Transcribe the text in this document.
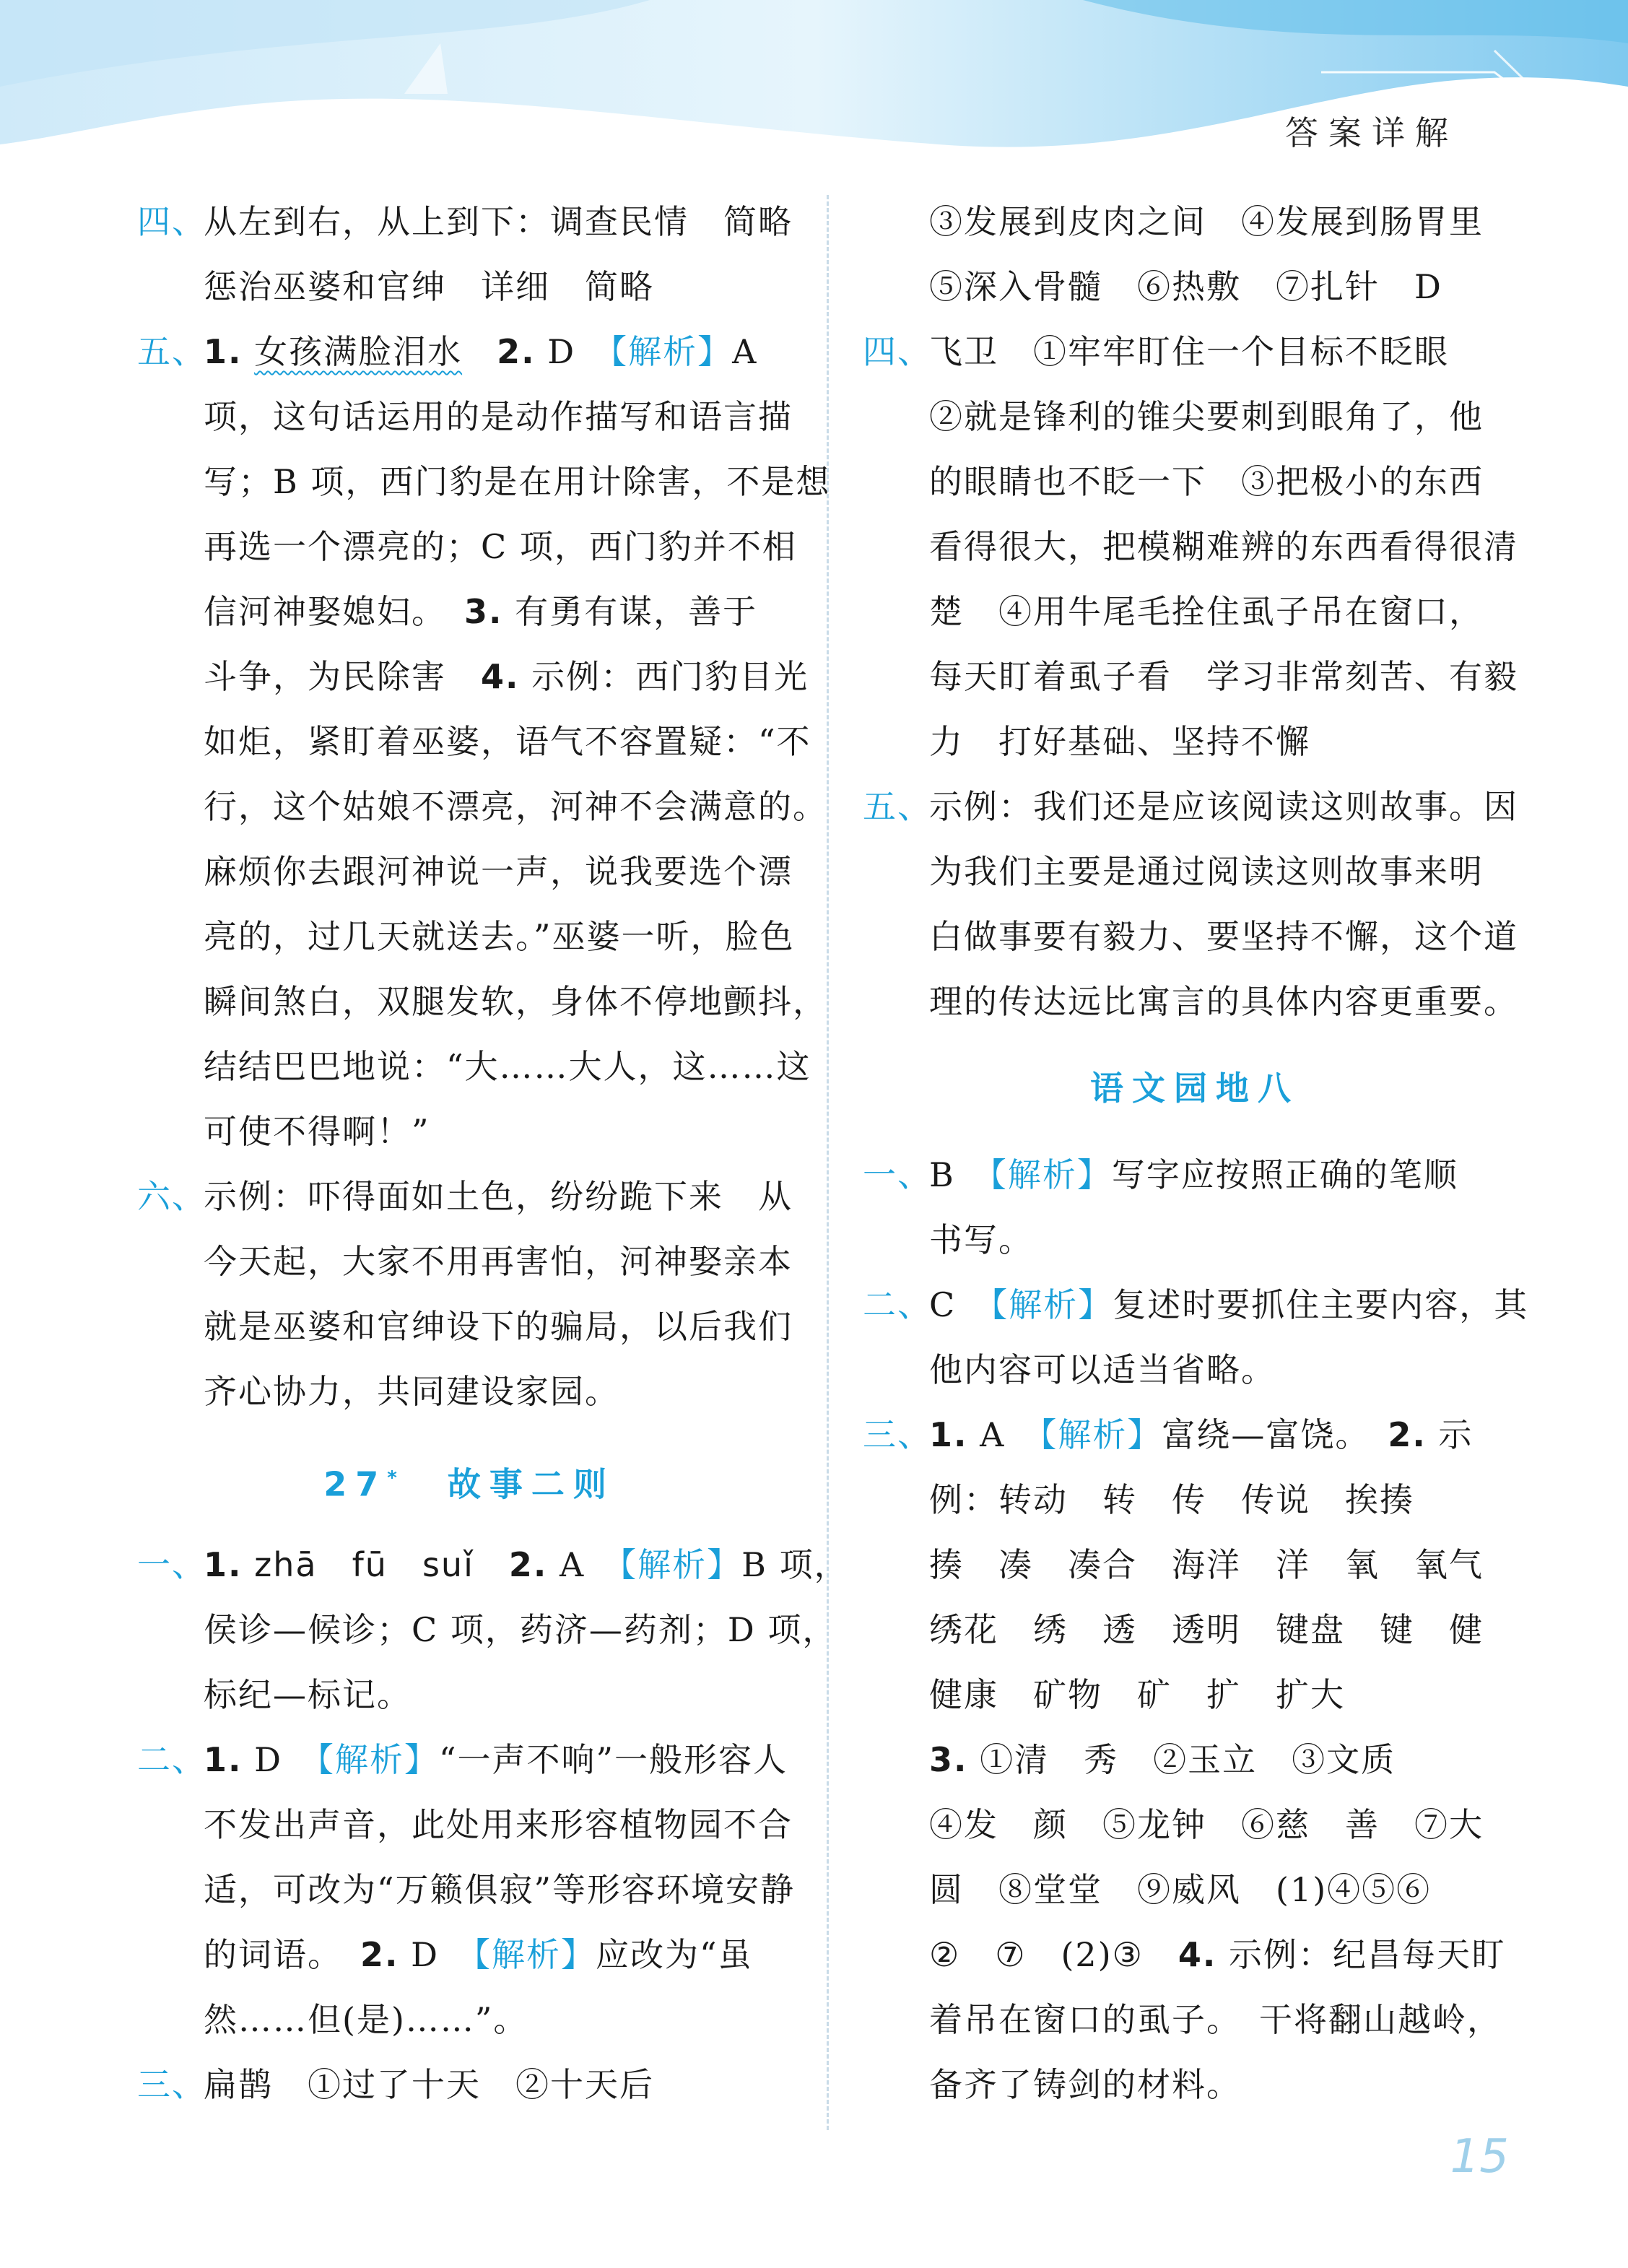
答案详解
四、从左到右，从上到下：调查民情　简略
惩治巫婆和官绅　详细　简略
五、1. 女孩满脸泪水　 2. D　【解析】A
项，这句话运用的是动作描写和语言描
写；B 项，西门豹是在用计除害，不是想
再选一个漂亮的；C 项，西门豹并不相
信河神娶媳妇。　3. 有勇有谋，善于
斗争，为民除害　4. 示例：西门豹目光
如炬，紧盯着巫婆，语气不容置疑：“不
行，这个姑娘不漂亮，河神不会满意的。
麻烦你去跟河神说一声，说我要选个漂
亮的，过几天就送去。”巫婆一听，脸色
瞬间煞白，双腿发软，身体不停地颤抖，
结结巴巴地说：“大……大人，这……这
可使不得啊！”
六、示例：吓得面如土色，纷纷跪下来　从
今天起，大家不用再害怕，河神娶亲本
就是巫婆和官绅设下的骗局，以后我们
齐心协力，共同建设家园。
27*　 故事二则
一、1. zhā　fū　suǐ　2. A　【解析】B 项，
侯诊—候诊；C 项，药济—药剂；D 项，
标纪—标记。
二、1. D　【解析】“一声不响”一般形容人
不发出声音，此处用来形容植物园不合
适，可改为“万籁俱寂”等形容环境安静
的词语。　2. D　【解析】应改为“虽
然……但(是)……”。
三、扁鹊　①过了十天　②十天后
③发展到皮肉之间　④发展到肠胃里
⑤深入骨髓　⑥热敷　⑦扎针　D
四、飞卫　①牢牢盯住一个目标不眨眼
②就是锋利的锥尖要刺到眼角了，他
的眼睛也不眨一下　③把极小的东西
看得很大，把模糊难辨的东西看得很清
楚　④用牛尾毛拴住虱子吊在窗口，
每天盯着虱子看　学习非常刻苦、有毅
力　打好基础、坚持不懈
五、示例：我们还是应该阅读这则故事。因
为我们主要是通过阅读这则故事来明
白做事要有毅力、要坚持不懈，这个道
理的传达远比寓言的具体内容更重要。
语文园地八
一、B　【解析】写字应按照正确的笔顺
书写。
二、C　【解析】复述时要抓住主要内容，其
他内容可以适当省略。
三、1. A　【解析】富绕—富饶。　2. 示
例：转动　转　传　传说　挨揍
揍　凑　凑合　海洋　洋　氧　氧气
绣花　绣　透　透明　键盘　键　健
健康　矿物　矿　扩　扩大
3. ①清　秀　②玉立　③文质
④发　颜　⑤龙钟　⑥慈　善　⑦大
圆　⑧堂堂　⑨威风　(1)④⑤⑥
②　⑦　(2)③　4. 示例：纪昌每天盯
着吊在窗口的虱子。　干将翻山越岭，
备齐了铸剑的材料。
15
